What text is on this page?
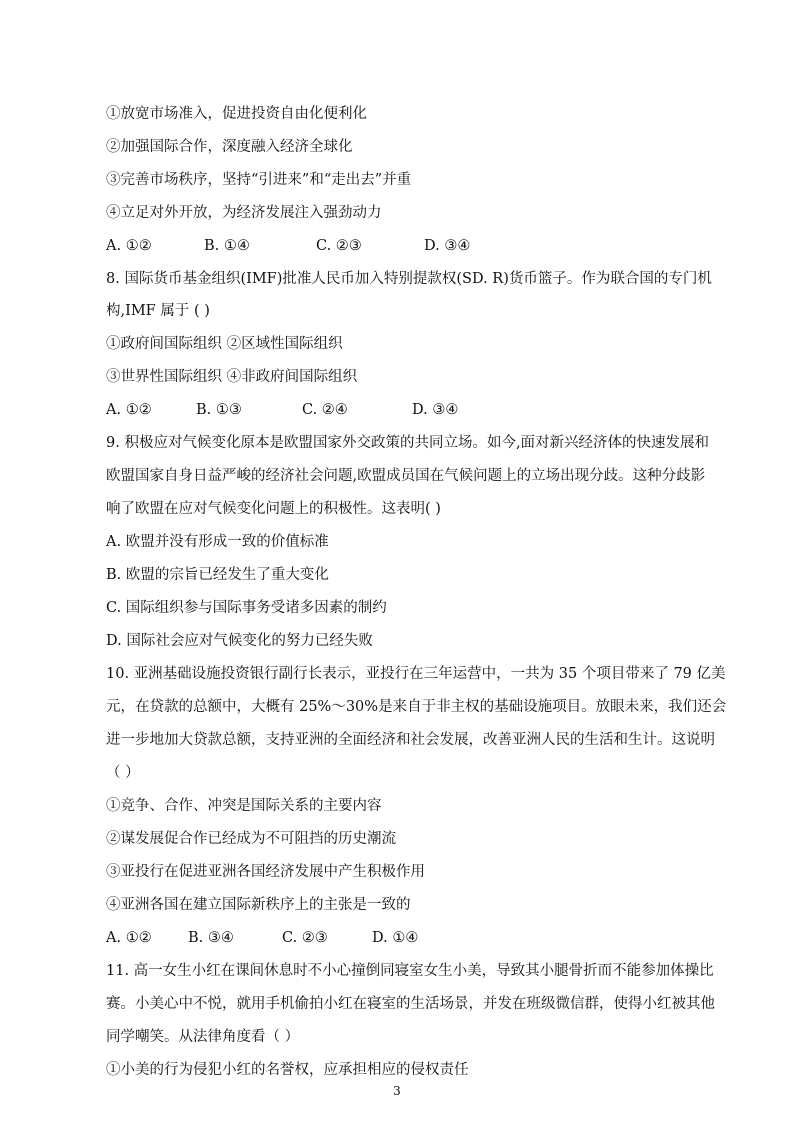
①放宽市场准入，促进投资自由化便利化
②加强国际合作，深度融入经济全球化
③完善市场秩序，坚持“引进来”和“走出去”并重
④立足对外开放，为经济发展注入强劲动力
A. ①②	B. ①④	C. ②③	D. ③④
8. 国际货币基金组织(IMF)批准人民币加入特别提款权(SD. R)货币篮子。作为联合国的专门机
构,IMF 属于 ( )
①政府间国际组织 ②区域性国际组织
③世界性国际组织 ④非政府间国际组织
A. ①②	B. ①③	C. ②④	D. ③④
9. 积极应对气候变化原本是欧盟国家外交政策的共同立场。如今,面对新兴经济体的快速发展和
欧盟国家自身日益严峻的经济社会问题,欧盟成员国在气候问题上的立场出现分歧。这种分歧影
响了欧盟在应对气候变化问题上的积极性。这表明( )
A. 欧盟并没有形成一致的价值标准
B. 欧盟的宗旨已经发生了重大变化
C. 国际组织参与国际事务受诸多因素的制约
D. 国际社会应对气候变化的努力已经失败
10. 亚洲基础设施投资银行副行长表示，亚投行在三年运营中，一共为 35 个项目带来了 79 亿美
元，在贷款的总额中，大概有 25%～30%是来自于非主权的基础设施项目。放眼未来，我们还会
进一步地加大贷款总额，支持亚洲的全面经济和社会发展，改善亚洲人民的生活和生计。这说明
（ ）
①竞争、合作、冲突是国际关系的主要内容
②谋发展促合作已经成为不可阻挡的历史潮流
③亚投行在促进亚洲各国经济发展中产生积极作用
④亚洲各国在建立国际新秩序上的主张是一致的
A. ①②	B. ③④	C. ②③	D. ①④
11. 高一女生小红在课间休息时不小心撞倒同寝室女生小美，导致其小腿骨折而不能参加体操比
赛。小美心中不悦，就用手机偷拍小红在寝室的生活场景，并发在班级微信群，使得小红被其他
同学嘲笑。从法律角度看（ ）
①小美的行为侵犯小红的名誉权，应承担相应的侵权责任
3
